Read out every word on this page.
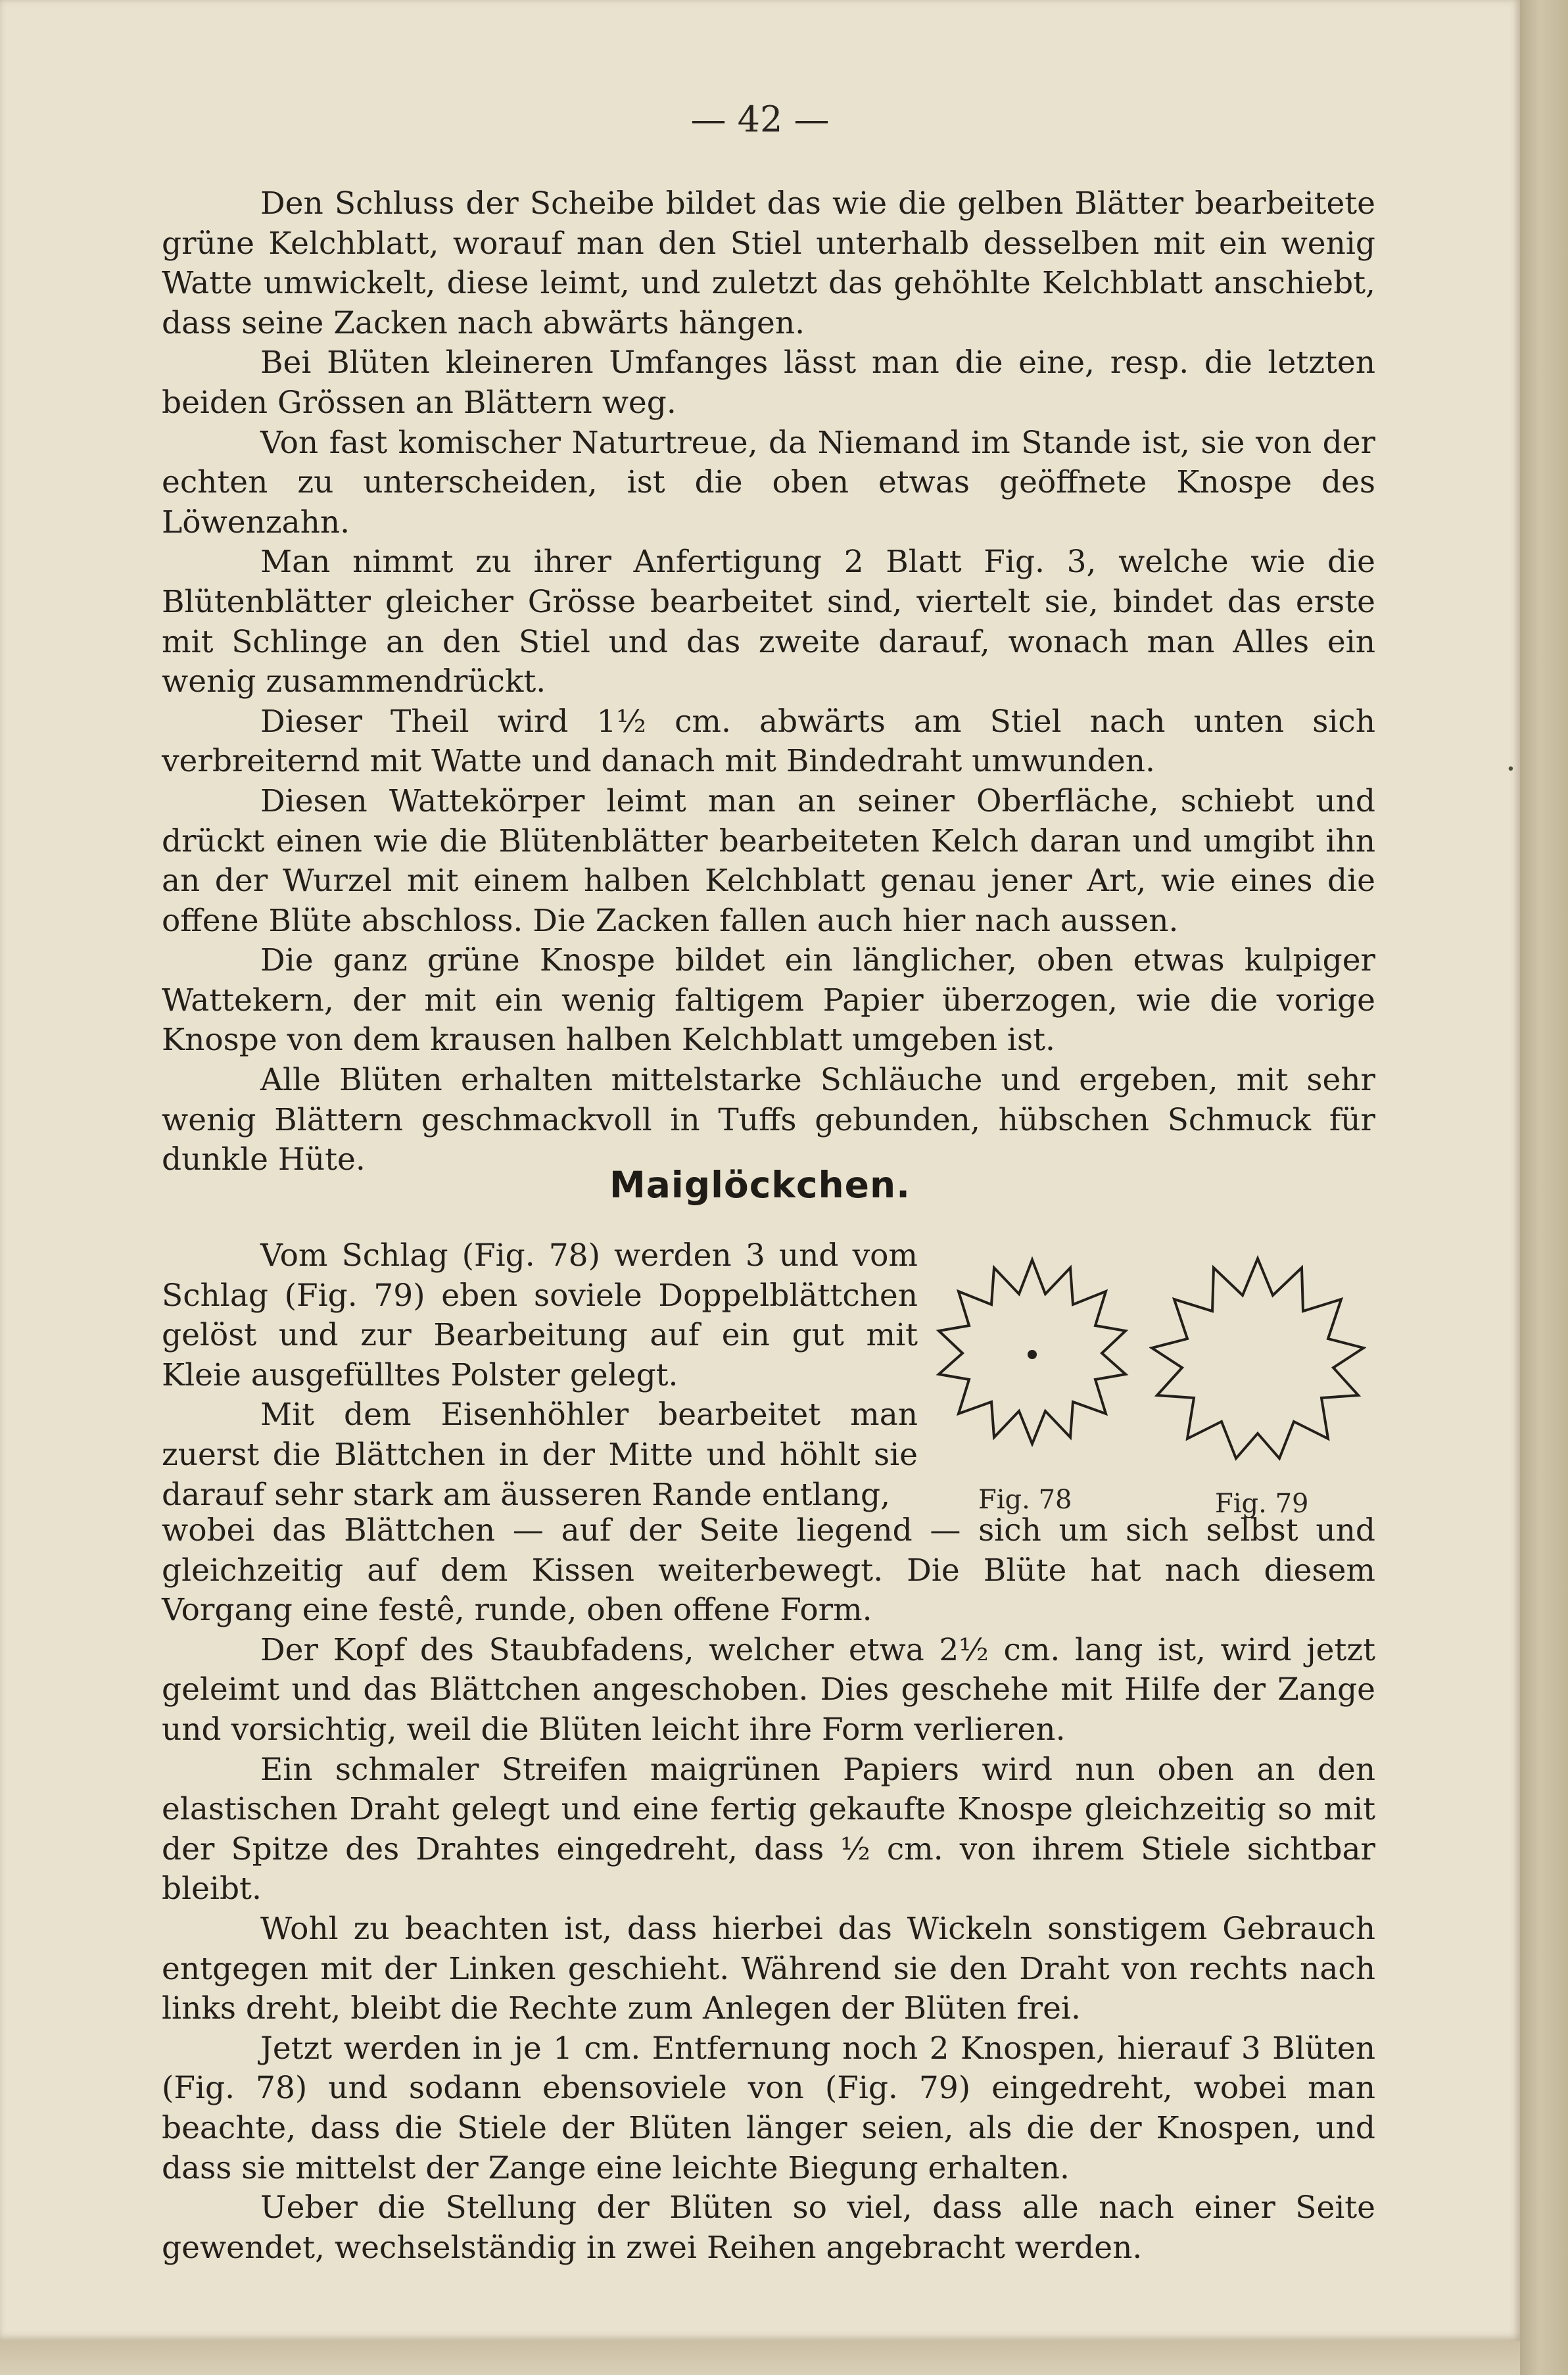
— 42 —

Den Schluss der Scheibe bildet das wie die gelben Blätter bearbeitete grüne Kelchblatt, worauf man den Stiel unterhalb desselben mit ein wenig Watte umwickelt, diese leimt, und zuletzt das gehöhlte Kelchblatt anschiebt, dass seine Zacken nach abwärts hängen.

Bei Blüten kleineren Umfanges lässt man die eine, resp. die letzten beiden Grössen an Blättern weg.

Von fast komischer Naturtreue, da Niemand im Stande ist, sie von der echten zu unterscheiden, ist die oben etwas geöffnete Knospe des Löwenzahn.

Man nimmt zu ihrer Anfertigung 2 Blatt Fig. 3, welche wie die Blütenblätter gleicher Grösse bearbeitet sind, viertelt sie, bindet das erste mit Schlinge an den Stiel und das zweite darauf, wonach man Alles ein wenig zusammendrückt.

Dieser Theil wird 1½ cm. abwärts am Stiel nach unten sich verbreiternd mit Watte und danach mit Bindedraht umwunden.

Diesen Wattekörper leimt man an seiner Oberfläche, schiebt und drückt einen wie die Blütenblätter bearbeiteten Kelch daran und umgibt ihn an der Wurzel mit einem halben Kelchblatt genau jener Art, wie eines die offene Blüte abschloss. Die Zacken fallen auch hier nach aussen.

Die ganz grüne Knospe bildet ein länglicher, oben etwas kulpiger Wattekern, der mit ein wenig faltigem Papier überzogen, wie die vorige Knospe von dem krausen halben Kelchblatt umgeben ist.

Alle Blüten erhalten mittelstarke Schläuche und ergeben, mit sehr wenig Blättern geschmackvoll in Tuffs gebunden, hübschen Schmuck für dunkle Hüte.

Maiglöckchen.

Vom Schlag (Fig. 78) werden 3 und vom Schlag (Fig. 79) eben soviele Doppelblättchen gelöst und zur Bearbeitung auf ein gut mit Kleie ausgefülltes Polster gelegt.

Mit dem Eisenhöhler bearbeitet man zuerst die Blättchen in der Mitte und höhlt sie darauf sehr stark am äusseren Rande entlang,	Fig. 78	Fig. 79

wobei das Blättchen — auf der Seite liegend — sich um sich selbst und gleichzeitig auf dem Kissen weiterbewegt. Die Blüte hat nach diesem Vorgang eine festê, runde, oben offene Form.

Der Kopf des Staubfadens, welcher etwa 2½ cm. lang ist, wird jetzt geleimt und das Blättchen angeschoben. Dies geschehe mit Hilfe der Zange und vorsichtig, weil die Blüten leicht ihre Form verlieren.

Ein schmaler Streifen maigrünen Papiers wird nun oben an den elastischen Draht gelegt und eine fertig gekaufte Knospe gleichzeitig so mit der Spitze des Drahtes eingedreht, dass ½ cm. von ihrem Stiele sichtbar bleibt.

Wohl zu beachten ist, dass hierbei das Wickeln sonstigem Gebrauch entgegen mit der Linken geschieht. Während sie den Draht von rechts nach links dreht, bleibt die Rechte zum Anlegen der Blüten frei.

Jetzt werden in je 1 cm. Entfernung noch 2 Knospen, hierauf 3 Blüten (Fig. 78) und sodann ebensoviele von (Fig. 79) eingedreht, wobei man beachte, dass die Stiele der Blüten länger seien, als die der Knospen, und dass sie mittelst der Zange eine leichte Biegung erhalten.

Ueber die Stellung der Blüten so viel, dass alle nach einer Seite gewendet, wechselständig in zwei Reihen angebracht werden.

·
